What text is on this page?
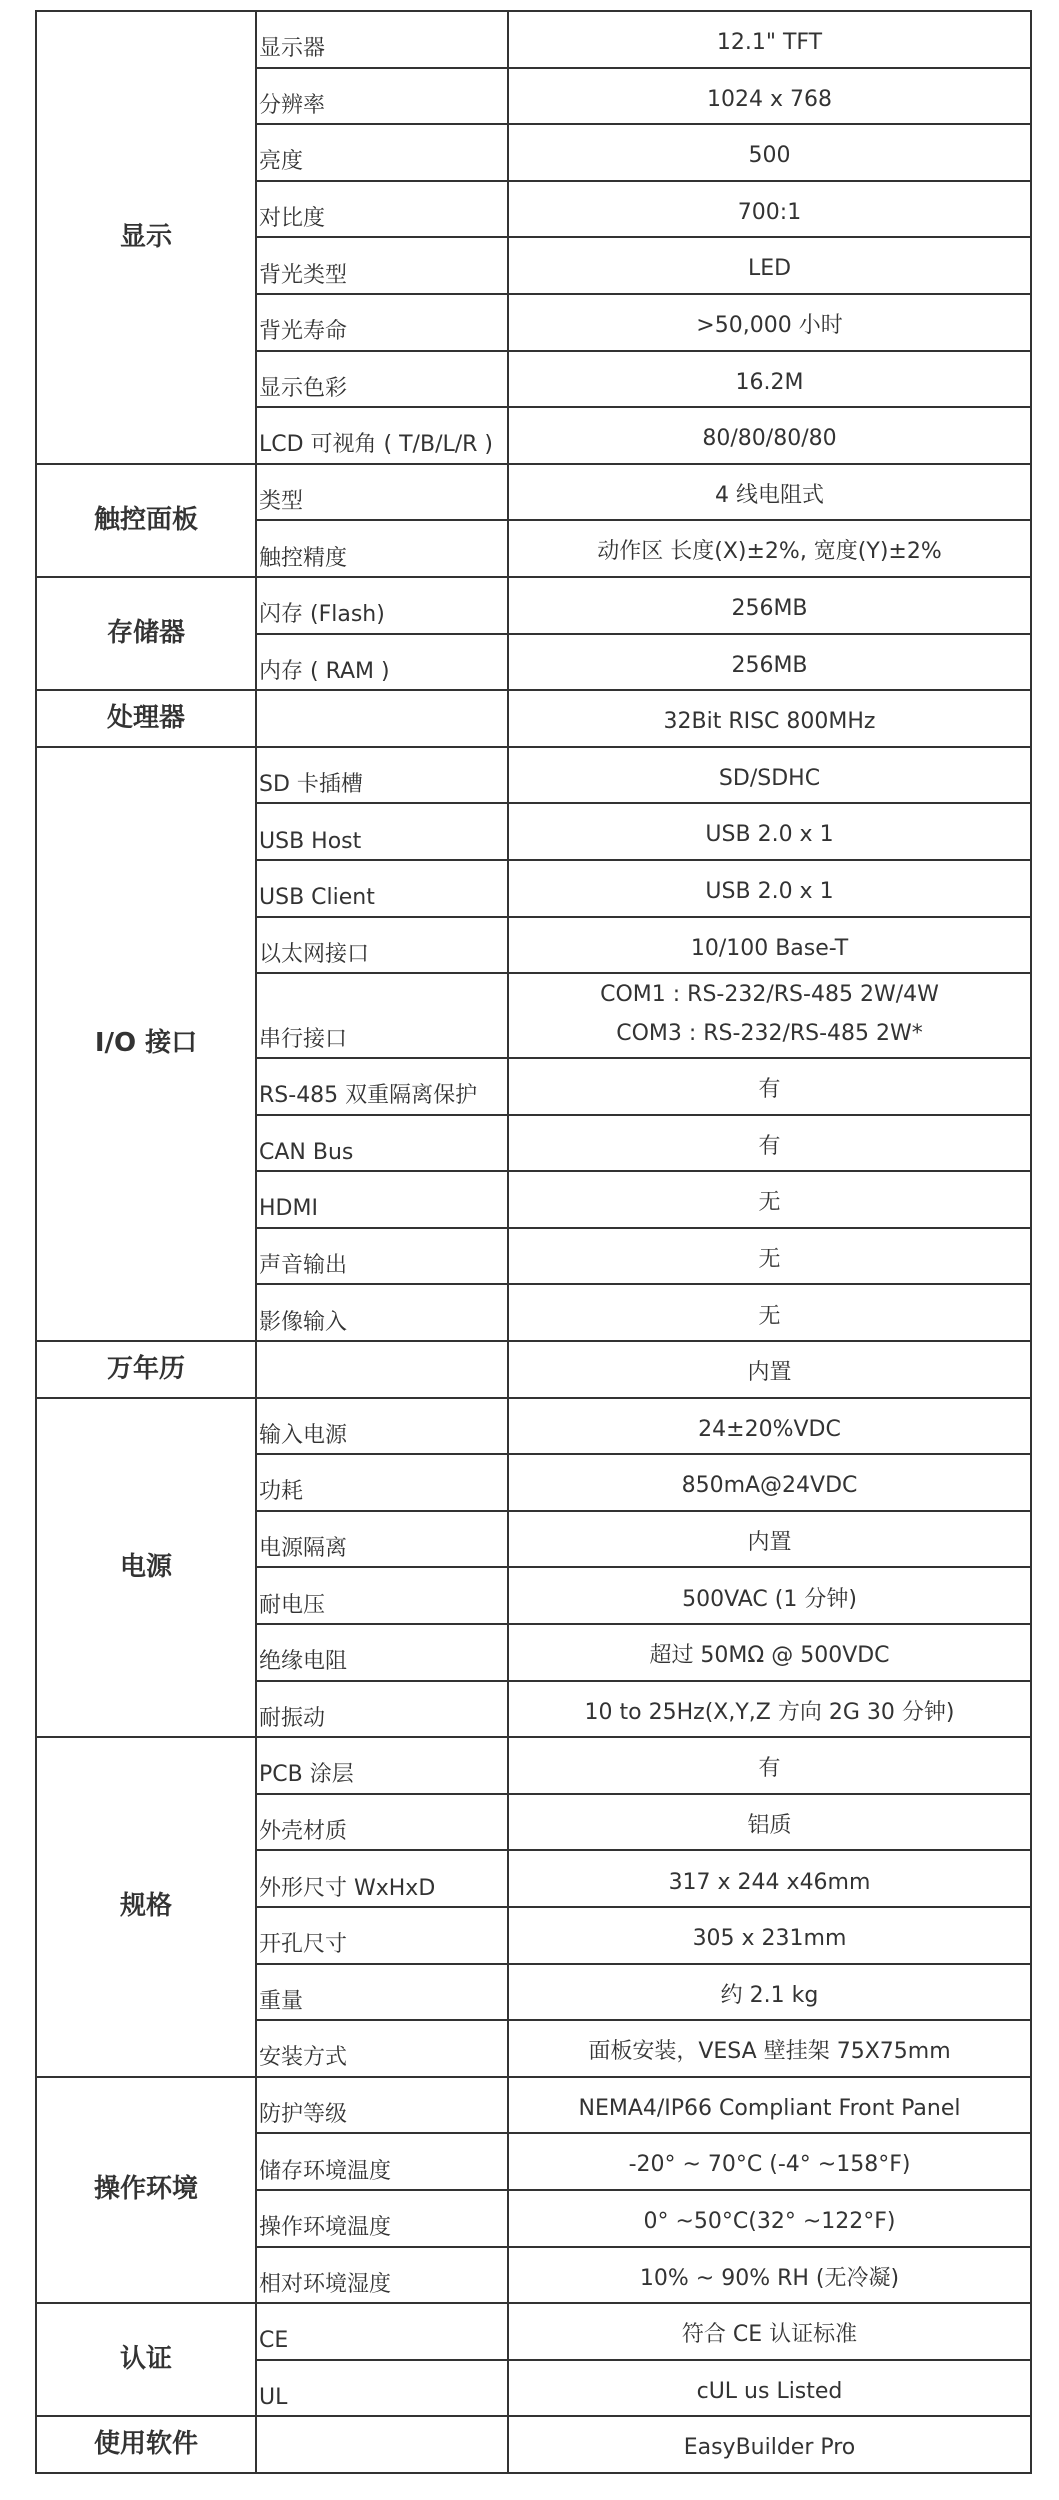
显示	显示器	12.1" TFT

	分辨率	1024 x 768

	亮度	500

	对比度	700:1

	背光类型	LED

	背光寿命	>50,000 小时

	显示色彩	16.2M

	LCD 可视角 ( T/B/L/R )	80/80/80/80

触控面板	类型	4 线电阻式

	触控精度	动作区 长度(X)±2%, 宽度(Y)±2%

存储器	闪存 (Flash)	256MB

	内存 ( RAM )	256MB

处理器		32Bit RISC 800MHz

I/O 接口	SD 卡插槽	SD/SDHC

	USB Host	USB 2.0 x 1

	USB Client	USB 2.0 x 1

	以太网接口	10/100 Base-T

	串行接口	COM1 : RS-232/RS-485 2W/4W
COM3 : RS-232/RS-485 2W*

	RS-485 双重隔离保护	有

	CAN Bus	有

	HDMI	无

	声音输出	无

	影像输入	无

万年历		内置

电源	输入电源	24±20%VDC

	功耗	850mA@24VDC

	电源隔离	内置

	耐电压	500VAC (1 分钟)

	绝缘电阻	超过 50MΩ @ 500VDC

	耐振动	10 to 25Hz(X,Y,Z 方向 2G 30 分钟)

规格	PCB 涂层	有

	外壳材质	铝质

	外形尺寸 WxHxD	317 x 244 x46mm

	开孔尺寸	305 x 231mm

	重量	约 2.1 kg

	安装方式	面板安装，VESA 壁挂架 75X75mm

操作环境	防护等级	NEMA4/IP66 Compliant Front Panel

	储存环境温度	-20° ~ 70°C (-4° ~158°F)

	操作环境温度	0° ~50°C(32° ~122°F)

	相对环境湿度	10% ~ 90% RH (无冷凝)

认证	CE	符合 CE 认证标准

	UL	cUL us Listed

使用软件		EasyBuilder Pro
